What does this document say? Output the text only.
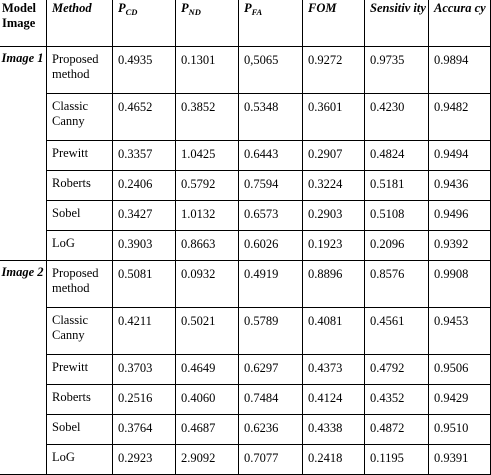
Model Image	Method	$P_{CD}$	$P_{ND}$	$P_{FA}$	FOM	Sensitiv ity	Accura cy
Image 1	Proposed method	0.4935	0.1301	0,5065	0.9272	0.9735	0.9894
	Classic Canny	0.4652	0.3852	0.5348	0.3601	0.4230	0.9482
	Prewitt	0.3357	1.0425	0.6443	0.2907	0.4824	0.9494
	Roberts	0.2406	0.5792	0.7594	0.3224	0.5181	0.9436
	Sobel	0.3427	1.0132	0.6573	0.2903	0.5108	0.9496
	LoG	0.3903	0.8663	0.6026	0.1923	0.2096	0.9392
Image 2	Proposed method	0.5081	0.0932	0.4919	0.8896	0.8576	0.9908
	Classic Canny	0.4211	0.5021	0.5789	0.4081	0.4561	0.9453
	Prewitt	0.3703	0.4649	0.6297	0.4373	0.4792	0.9506
	Roberts	0.2516	0.4060	0.7484	0.4124	0.4352	0.9429
	Sobel	0.3764	0.4687	0.6236	0.4338	0.4872	0.9510
	LoG	0.2923	2.9092	0.7077	0.2418	0.1195	0.9391
